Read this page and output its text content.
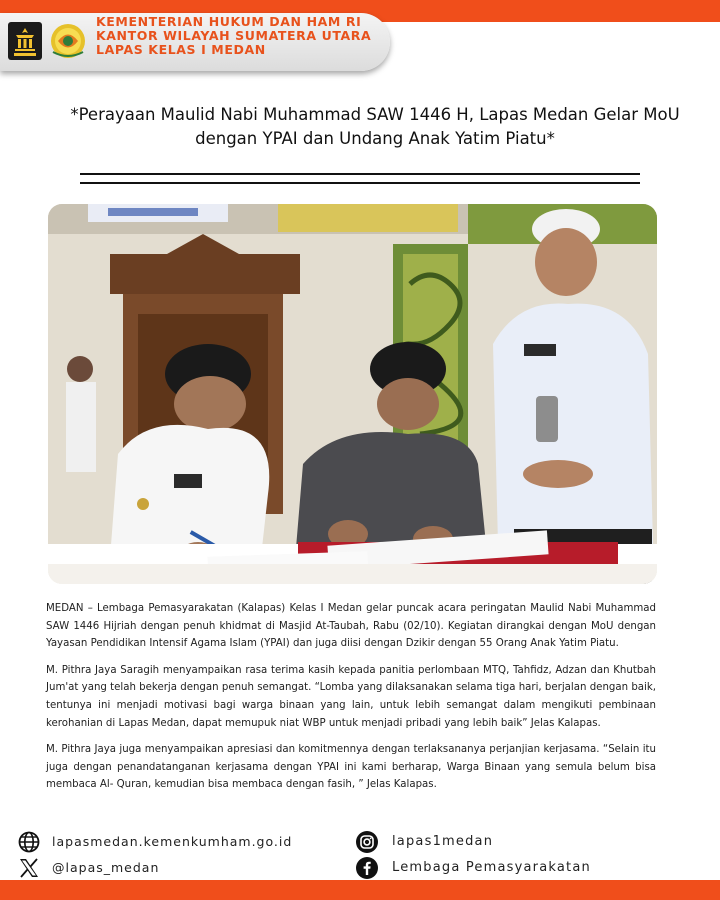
KEMENTERIAN HUKUM DAN HAM RI
KANTOR WILAYAH SUMATERA UTARA
LAPAS KELAS I MEDAN
*Perayaan Maulid Nabi Muhammad SAW 1446 H, Lapas Medan Gelar MoU
dengan YPAI dan Undang Anak Yatim Piatu*

MEDAN – Lembaga Pemasyarakatan (Kalapas) Kelas I Medan gelar puncak acara peringatan Maulid Nabi Muhammad SAW 1446 Hijriah dengan penuh khidmat di Masjid At-Taubah, Rabu (02/10). Kegiatan dirangkai dengan MoU dengan Yayasan Pendidikan Intensif Agama Islam (YPAI) dan juga diisi dengan Dzikir dengan 55 Orang Anak Yatim Piatu.

M. Pithra Jaya Saragih menyampaikan rasa terima kasih kepada panitia perlombaan MTQ, Tahfidz, Adzan dan Khutbah Jum'at yang telah bekerja dengan penuh semangat. “Lomba yang dilaksanakan selama tiga hari, berjalan dengan baik, tentunya ini menjadi motivasi bagi warga binaan yang lain, untuk lebih semangat dalam mengikuti pembinaan kerohanian di Lapas Medan, dapat memupuk niat WBP untuk menjadi pribadi yang lebih baik” Jelas Kalapas.

M. Pithra Jaya juga menyampaikan apresiasi dan komitmennya dengan terlaksananya perjanjian kerjasama. “Selain itu juga dengan penandatanganan kerjasama dengan YPAI ini kami berharap, Warga Binaan yang semula belum bisa membaca Al- Quran, kemudian bisa membaca dengan fasih, ” Jelas Kalapas.

lapasmedan.kemenkumham.go.id
@lapas_medan
lapas1medan
Lembaga Pemasyarakatan
